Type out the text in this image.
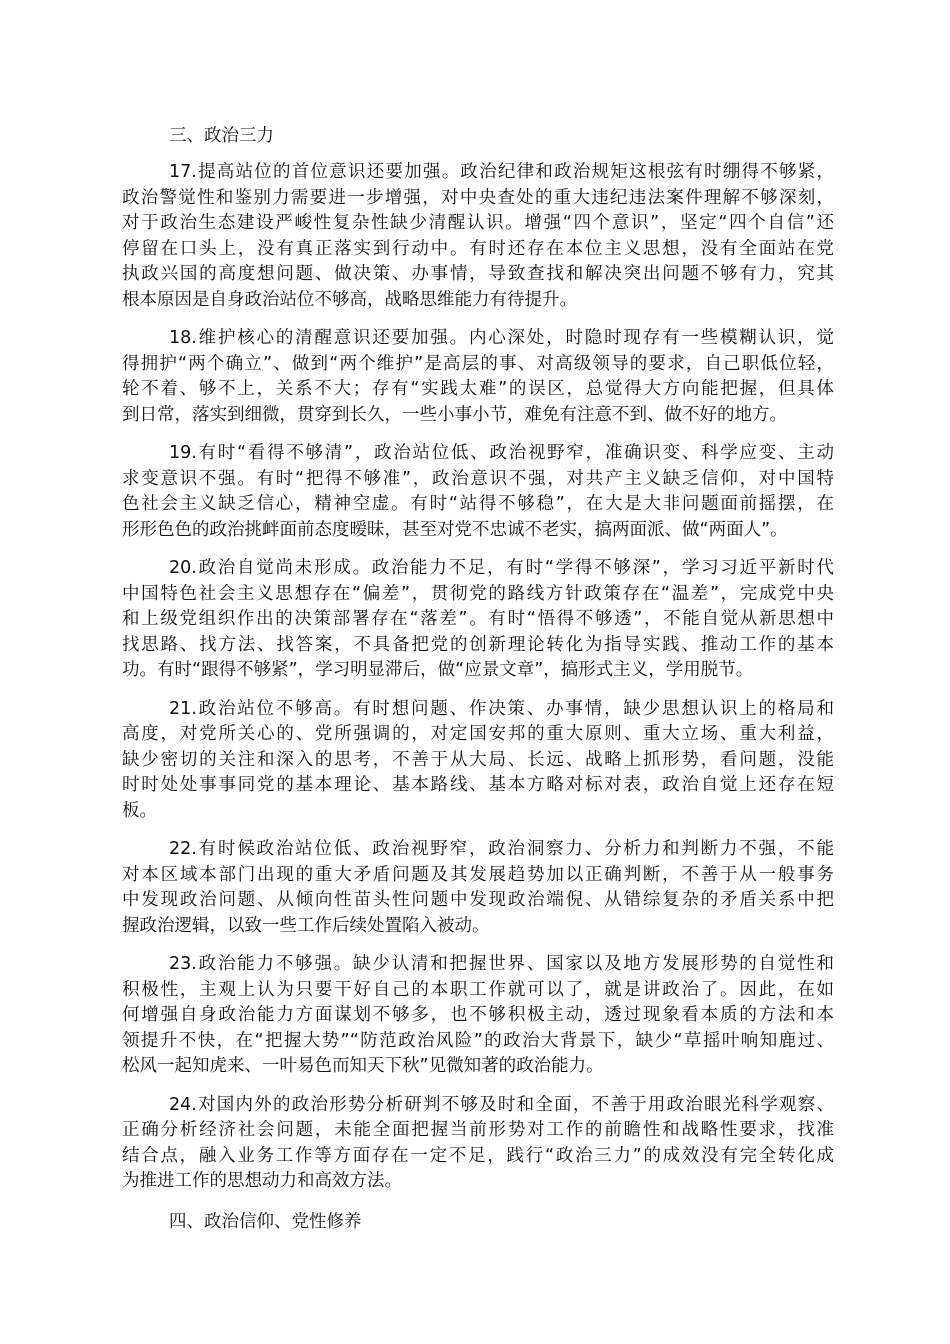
三、政治三力

17.提高站位的首位意识还要加强。政治纪律和政治规矩这根弦有时绷得不够紧，
政治警觉性和鉴别力需要进一步增强，对中央查处的重大违纪违法案件理解不够深刻，
对于政治生态建设严峻性复杂性缺少清醒认识。增强“四个意识”，坚定“四个自信”还
停留在口头上，没有真正落实到行动中。有时还存在本位主义思想，没有全面站在党
执政兴国的高度想问题、做决策、办事情，导致查找和解决突出问题不够有力，究其
根本原因是自身政治站位不够高，战略思维能力有待提升。
18.维护核心的清醒意识还要加强。内心深处，时隐时现存有一些模糊认识，觉
得拥护“两个确立”、做到“两个维护”是高层的事、对高级领导的要求，自己职低位轻，
轮不着、够不上，关系不大；存有“实践太难”的误区，总觉得大方向能把握，但具体
到日常，落实到细微，贯穿到长久，一些小事小节，难免有注意不到、做不好的地方。
19.有时“看得不够清”，政治站位低、政治视野窄，准确识变、科学应变、主动
求变意识不强。有时“把得不够准”，政治意识不强，对共产主义缺乏信仰，对中国特
色社会主义缺乏信心，精神空虚。有时“站得不够稳”，在大是大非问题面前摇摆，在
形形色色的政治挑衅面前态度暧昧，甚至对党不忠诚不老实，搞两面派、做“两面人”。
20.政治自觉尚未形成。政治能力不足，有时“学得不够深”，学习习近平新时代
中国特色社会主义思想存在“偏差”，贯彻党的路线方针政策存在“温差”，完成党中央
和上级党组织作出的决策部署存在“落差”。有时“悟得不够透”，不能自觉从新思想中
找思路、找方法、找答案，不具备把党的创新理论转化为指导实践、推动工作的基本
功。有时“跟得不够紧”，学习明显滞后，做“应景文章”，搞形式主义，学用脱节。
21.政治站位不够高。有时想问题、作决策、办事情，缺少思想认识上的格局和
高度，对党所关心的、党所强调的，对定国安邦的重大原则、重大立场、重大利益，
缺少密切的关注和深入的思考，不善于从大局、长远、战略上抓形势，看问题，没能
时时处处事事同党的基本理论、基本路线、基本方略对标对表，政治自觉上还存在短
板。
22.有时候政治站位低、政治视野窄，政治洞察力、分析力和判断力不强，不能
对本区域本部门出现的重大矛盾问题及其发展趋势加以正确判断，不善于从一般事务
中发现政治问题、从倾向性苗头性问题中发现政治端倪、从错综复杂的矛盾关系中把
握政治逻辑，以致一些工作后续处置陷入被动。
23.政治能力不够强。缺少认清和把握世界、国家以及地方发展形势的自觉性和
积极性，主观上认为只要干好自己的本职工作就可以了，就是讲政治了。因此，在如
何增强自身政治能力方面谋划不够多，也不够积极主动，透过现象看本质的方法和本
领提升不快，在“把握大势”“防范政治风险”的政治大背景下，缺少“草摇叶响知鹿过、
松风一起知虎来、一叶易色而知天下秋”见微知著的政治能力。
24.对国内外的政治形势分析研判不够及时和全面，不善于用政治眼光科学观察、
正确分析经济社会问题，未能全面把握当前形势对工作的前瞻性和战略性要求，找准
结合点，融入业务工作等方面存在一定不足，践行“政治三力”的成效没有完全转化成
为推进工作的思想动力和高效方法。

四、政治信仰、党性修养
